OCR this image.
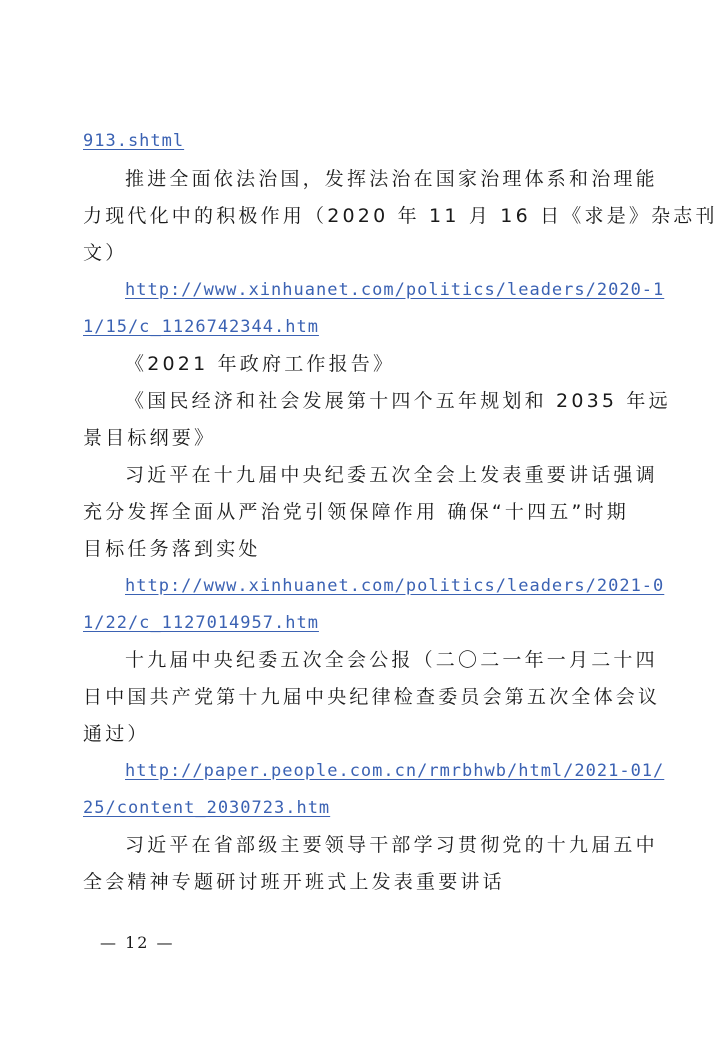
913.shtml
推进全面依法治国，发挥法治在国家治理体系和治理能
力现代化中的积极作用（2020 年 11 月 16 日《求是》杂志刊
文）
http://www.xinhuanet.com/politics/leaders/2020-1
1/15/c_1126742344.htm
《2021 年政府工作报告》
《国民经济和社会发展第十四个五年规划和 2035 年远
景目标纲要》
习近平在十九届中央纪委五次全会上发表重要讲话强调
充分发挥全面从严治党引领保障作用 确保“十四五”时期
目标任务落到实处
http://www.xinhuanet.com/politics/leaders/2021-0
1/22/c_1127014957.htm
十九届中央纪委五次全会公报（二〇二一年一月二十四
日中国共产党第十九届中央纪律检查委员会第五次全体会议
通过）
http://paper.people.com.cn/rmrbhwb/html/2021-01/
25/content_2030723.htm
习近平在省部级主要领导干部学习贯彻党的十九届五中
全会精神专题研讨班开班式上发表重要讲话
— 12 —
